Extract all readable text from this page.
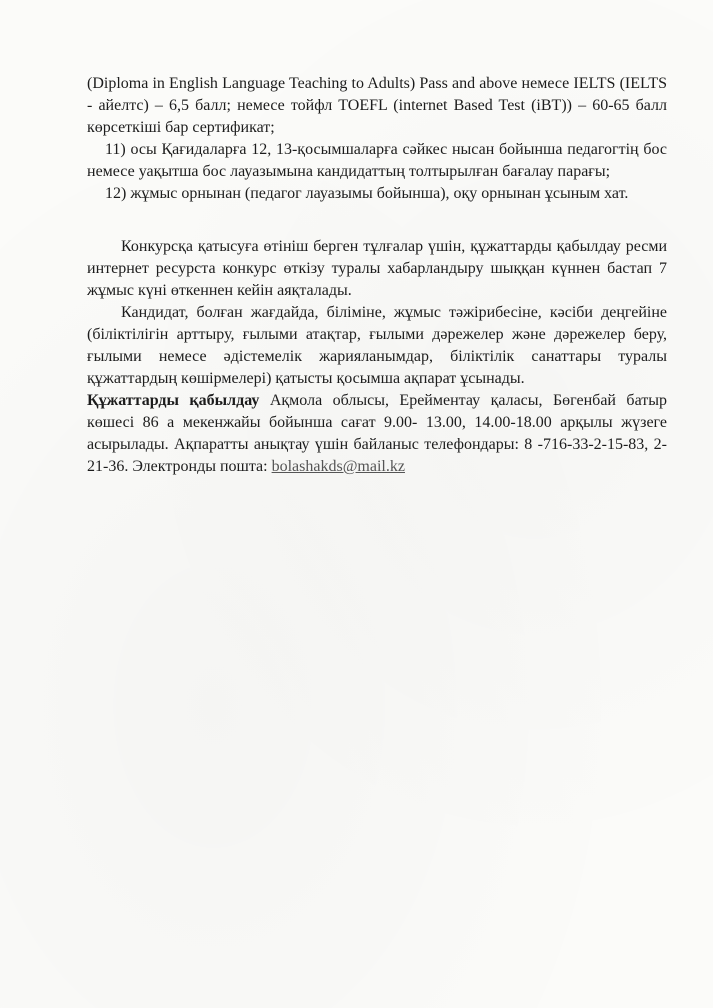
(Diploma in English Language Teaching to Adults) Pass and above немесе IELTS (IELTS - айелтс) – 6,5 балл; немесе тойфл TOEFL (internet Based Test (iBT)) – 60-65 балл көрсеткіші бар сертификат;

11) осы Қағидаларға 12, 13-қосымшаларға сәйкес нысан бойынша педагогтің бос немесе уақытша бос лауазымына кандидаттың толтырылған бағалау парағы;

12) жұмыс орнынан (педагог лауазымы бойынша), оқу орнынан ұсыным хат.

Конкурсқа қатысуға өтініш берген тұлғалар үшін, құжаттарды қабылдау ресми интернет ресурста конкурс өткізу туралы хабарландыру шыққан күннен бастап 7 жұмыс күні өткеннен кейін аяқталады.

Кандидат, болған жағдайда, біліміне, жұмыс тәжірибесіне, кәсіби деңгейіне (біліктілігін арттыру, ғылыми атақтар, ғылыми дәрежелер және дәрежелер беру, ғылыми немесе әдістемелік жарияланымдар, біліктілік санаттары туралы құжаттардың көшірмелері) қатысты қосымша ақпарат ұсынады.

Құжаттарды қабылдау Ақмола облысы, Ерейментау қаласы, Бөгенбай батыр көшесі 86 а мекенжайы бойынша сағат 9.00- 13.00, 14.00-18.00 арқылы жүзеге асырылады. Ақпаратты анықтау үшін байланыс телефондары: 8 -716-33-2-15-83, 2-21-36. Электронды пошта: bolashakds@mail.kz
